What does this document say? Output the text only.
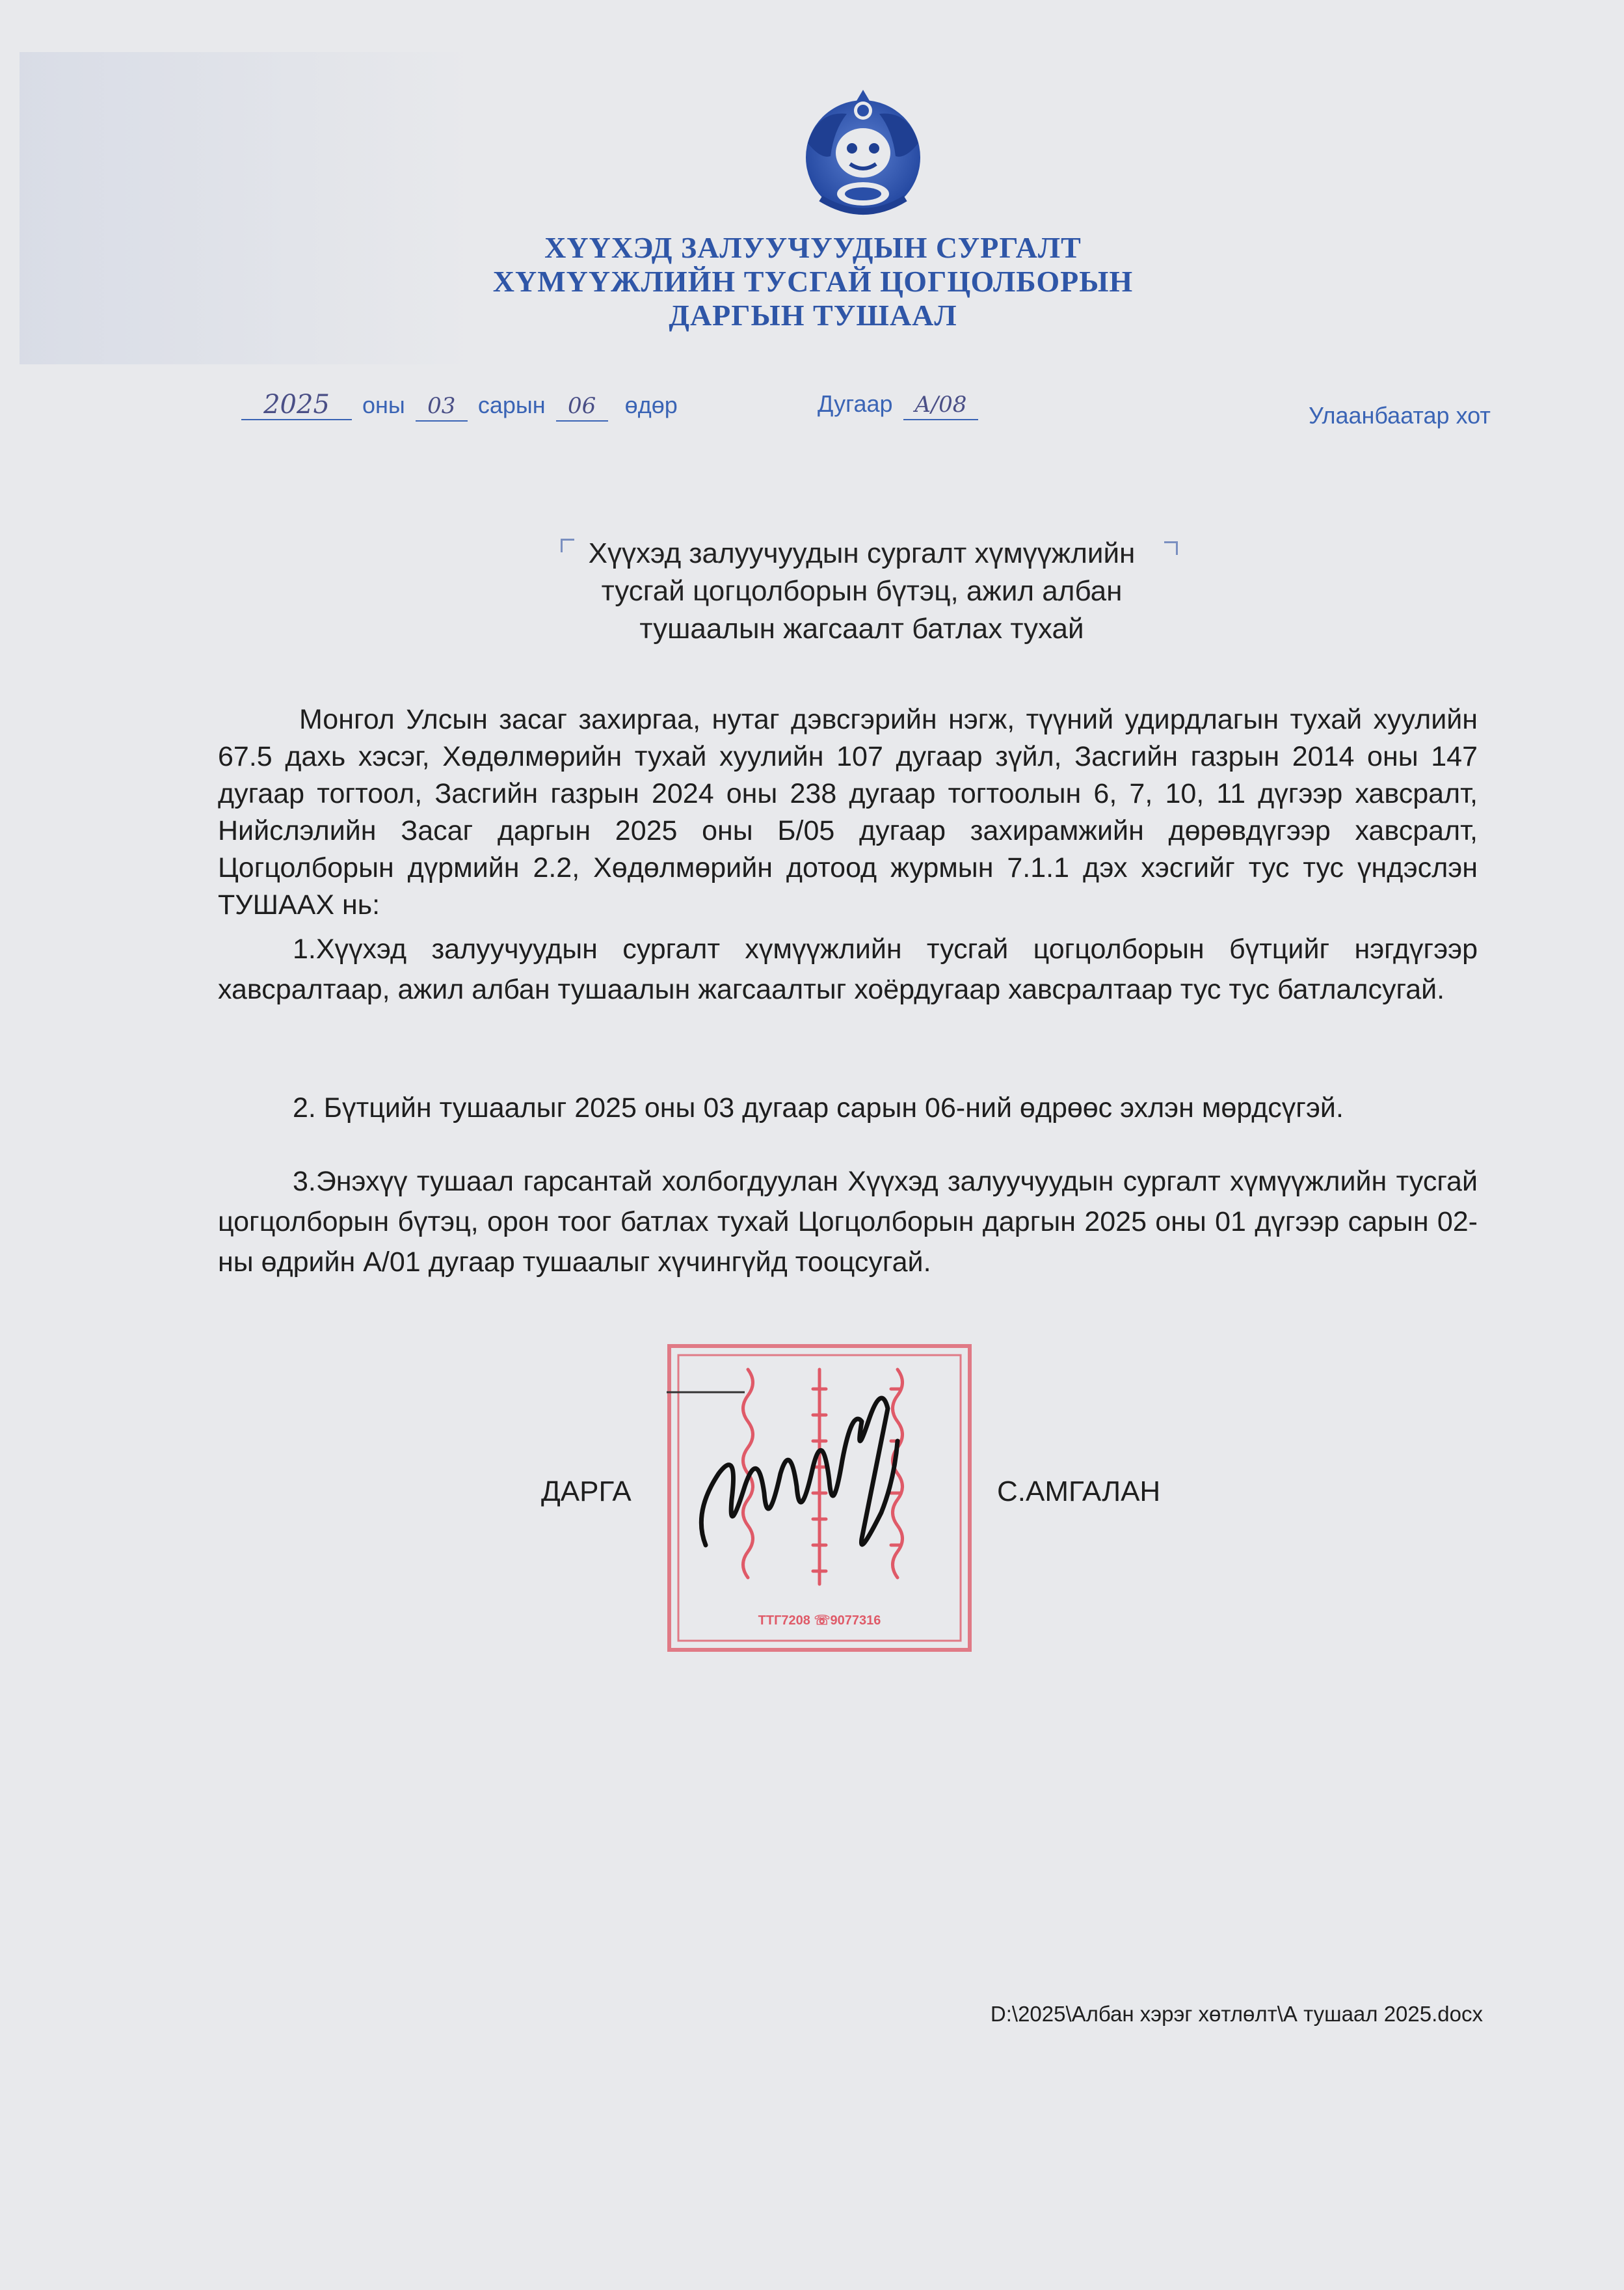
ХҮҮХЭД ЗАЛУУЧУУДЫН СУРГАЛТ
ХҮМҮҮЖЛИЙН ТУСГАЙ ЦОГЦОЛБОРЫН
ДАРГЫН ТУШААЛ
2025 оны 03 сарын 06 өдөр	Дугаар А/08	Улаанбаатар хот
Хүүхэд залуучуудын сургалт хүмүүжлийн
тусгай цогцолборын бүтэц, ажил албан
тушаалын жагсаалт батлах тухай
Монгол Улсын засаг захиргаа, нутаг дэвсгэрийн нэгж, түүний удирдлагын тухай хуулийн 67.5 дахь хэсэг, Хөдөлмөрийн тухай хуулийн 107 дугаар зүйл, Засгийн газрын 2014 оны 147 дугаар тогтоол, Засгийн газрын 2024 оны 238 дугаар тогтоолын 6, 7, 10, 11 дүгээр хавсралт, Нийслэлийн Засаг даргын 2025 оны Б/05 дугаар захирамжийн дөрөвдүгээр хавсралт, Цогцолборын дүрмийн 2.2, Хөдөлмөрийн дотоод журмын 7.1.1 дэх хэсгийг тус тус үндэслэн ТУШААХ нь:
1.Хүүхэд залуучуудын сургалт хүмүүжлийн тусгай цогцолборын бүтцийг нэгдүгээр хавсралтаар, ажил албан тушаалын жагсаалтыг хоёрдугаар хавсралтаар тус тус батлалсугай.
2. Бүтцийн тушаалыг 2025 оны 03 дугаар сарын 06-ний өдрөөс эхлэн мөрдсүгэй.
3.Энэхүү тушаал гарсантай холбогдуулан Хүүхэд залуучуудын сургалт хүмүүжлийн тусгай цогцолборын бүтэц, орон тоог батлах тухай Цогцолборын даргын 2025 оны 01 дүгээр сарын 02-ны өдрийн А/01 дугаар тушаалыг хүчингүйд тооцсугай.
ДАРГА	С.АМГАЛАН
ТТГ7208 ☏9077316
D:\2025\Албан хэрэг хөтлөлт\А тушаал 2025.docx
